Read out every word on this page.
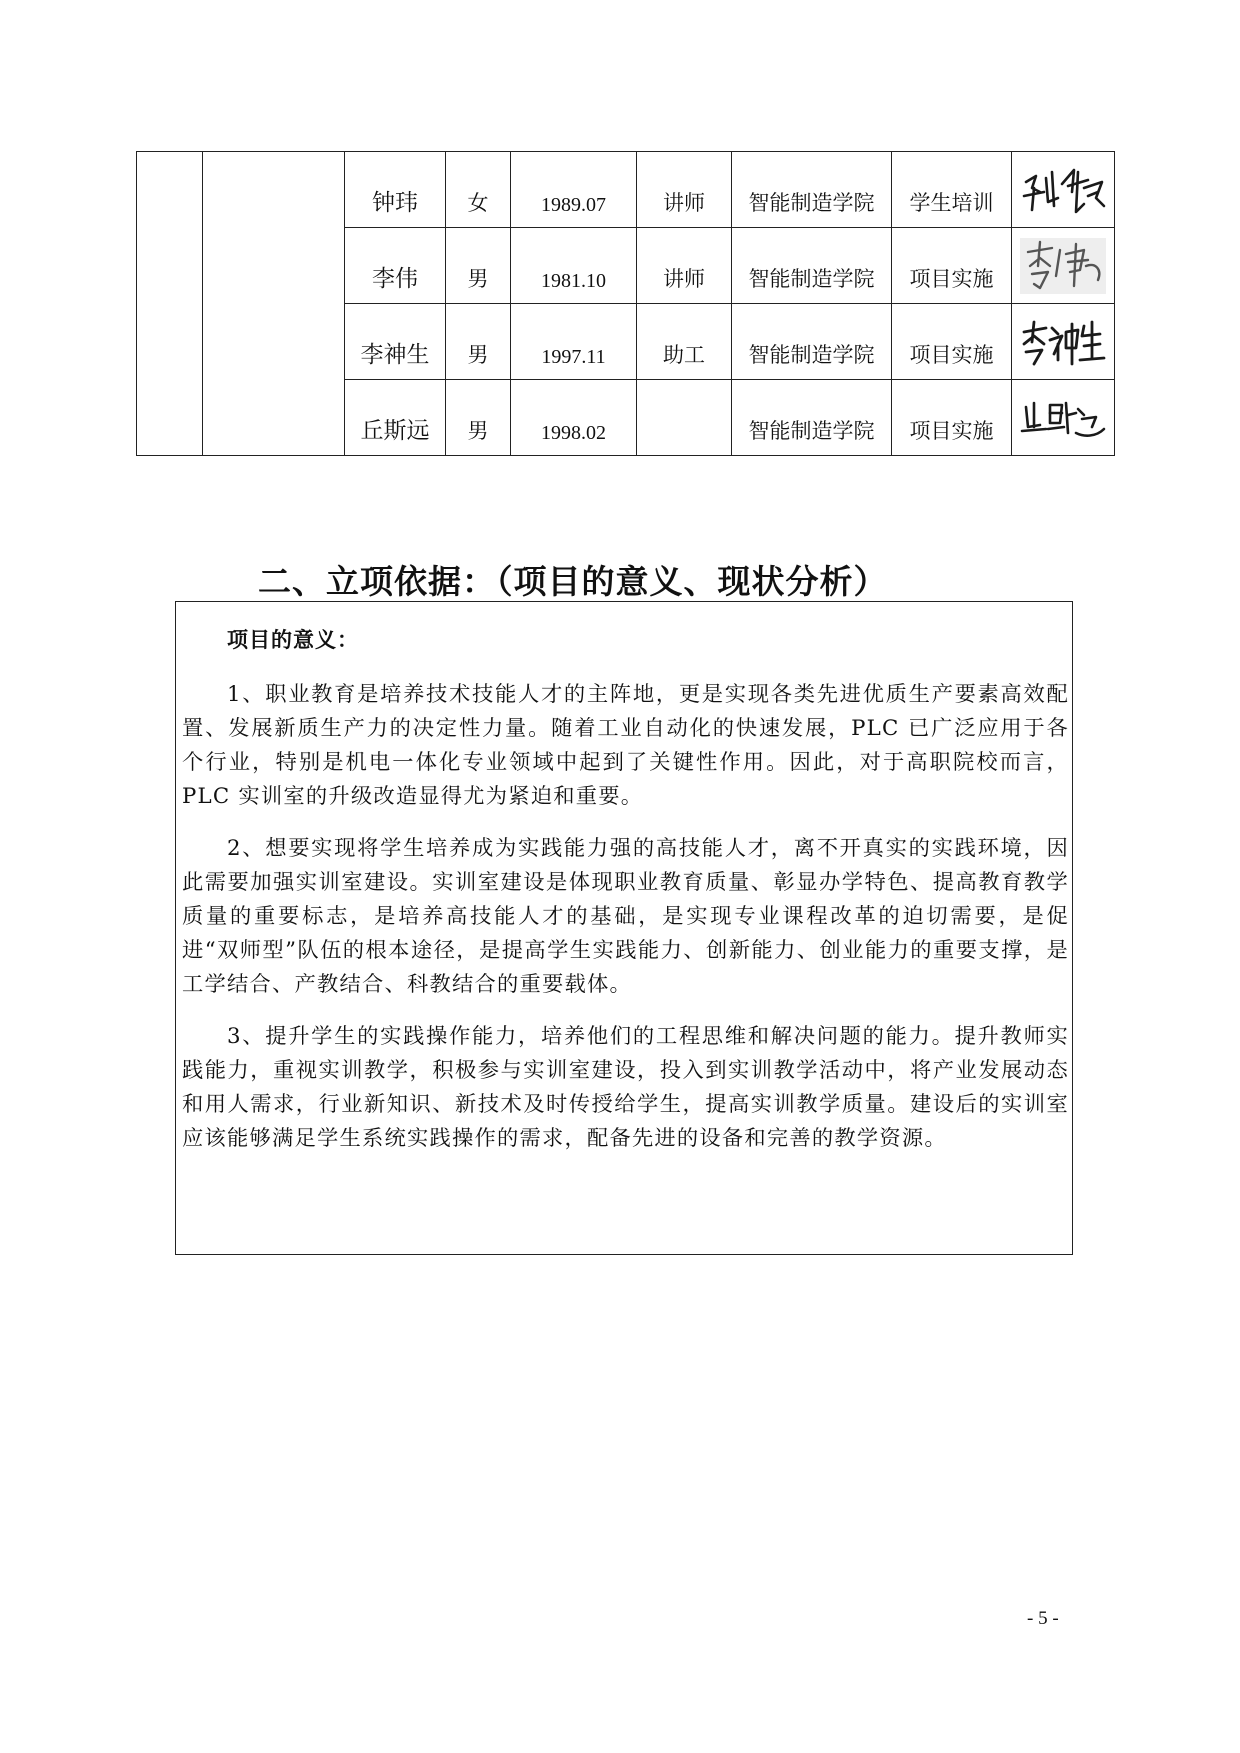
		钟玮	女	1989.07	讲师	智能制造学院	学生培训	

		李伟	男	1981.10	讲师	智能制造学院	项目实施	

		李神生	男	1997.11	助工	智能制造学院	项目实施	

		丘斯远	男	1998.02		智能制造学院	项目实施	
二、立项依据：（项目的意义、现状分析）

项目的意义：

1、职业教育是培养技术技能人才的主阵地，更是实现各类先进优质生产要素高效配置、发展新质生产力的决定性力量。随着工业自动化的快速发展，PLC 已广泛应用于各个行业，特别是机电一体化专业领域中起到了关键性作用。因此，对于高职院校而言，PLC 实训室的升级改造显得尤为紧迫和重要。

2、想要实现将学生培养成为实践能力强的高技能人才，离不开真实的实践环境，因此需要加强实训室建设。实训室建设是体现职业教育质量、彰显办学特色、提高教育教学质量的重要标志，是培养高技能人才的基础，是实现专业课程改革的迫切需要，是促进“双师型”队伍的根本途径，是提高学生实践能力、创新能力、创业能力的重要支撑，是工学结合、产教结合、科教结合的重要载体。

3、提升学生的实践操作能力，培养他们的工程思维和解决问题的能力。提升教师实践能力，重视实训教学，积极参与实训室建设，投入到实训教学活动中，将产业发展动态和用人需求，行业新知识、新技术及时传授给学生，提高实训教学质量。建设后的实训室应该能够满足学生系统实践操作的需求，配备先进的设备和完善的教学资源。

- 5 -
